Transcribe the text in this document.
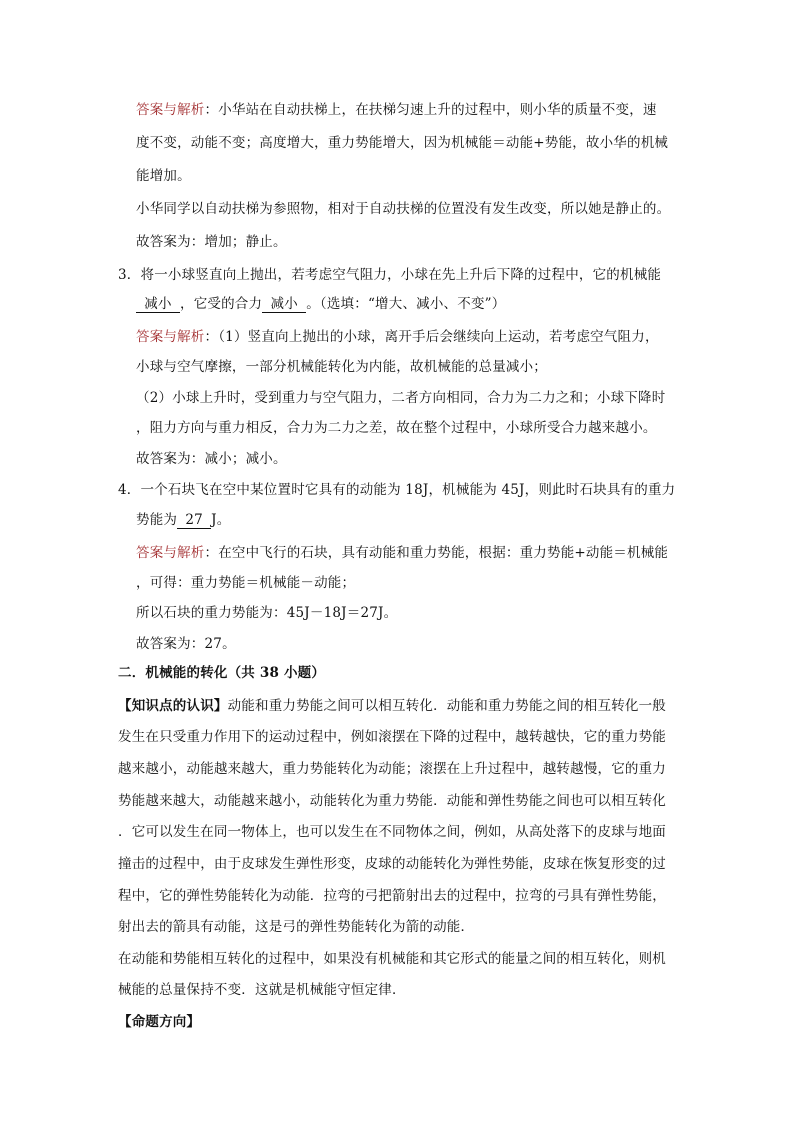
答案与解析：小华站在自动扶梯上，在扶梯匀速上升的过程中，则小华的质量不变，速
度不变，动能不变；高度增大，重力势能增大，因为机械能＝动能+势能，故小华的机械
能增加。
小华同学以自动扶梯为参照物，相对于自动扶梯的位置没有发生改变，所以她是静止的。
故答案为：增加；静止。
3．将一小球竖直向上抛出，若考虑空气阻力，小球在先上升后下降的过程中，它的机械能
减小 ，它受的合力 减小 。（选填：“增大、减小、不变”）
答案与解析：（1）竖直向上抛出的小球，离开手后会继续向上运动，若考虑空气阻力，
小球与空气摩擦，一部分机械能转化为内能，故机械能的总量减小；
（2）小球上升时，受到重力与空气阻力，二者方向相同，合力为二力之和；小球下降时
，阻力方向与重力相反，合力为二力之差，故在整个过程中，小球所受合力越来越小。
故答案为：减小；减小。
4．一个石块飞在空中某位置时它具有的动能为 18J，机械能为 45J，则此时石块具有的重力
势能为 27 J。
答案与解析：在空中飞行的石块，具有动能和重力势能，根据：重力势能+动能＝机械能
，可得：重力势能＝机械能－动能；
所以石块的重力势能为：45J－18J＝27J。
故答案为：27。
二．机械能的转化（共 38 小题）
【知识点的认识】动能和重力势能之间可以相互转化．动能和重力势能之间的相互转化一般
发生在只受重力作用下的运动过程中，例如滚摆在下降的过程中，越转越快，它的重力势能
越来越小，动能越来越大，重力势能转化为动能；滚摆在上升过程中，越转越慢，它的重力
势能越来越大，动能越来越小，动能转化为重力势能．动能和弹性势能之间也可以相互转化
．它可以发生在同一物体上，也可以发生在不同物体之间，例如，从高处落下的皮球与地面
撞击的过程中，由于皮球发生弹性形变，皮球的动能转化为弹性势能，皮球在恢复形变的过
程中，它的弹性势能转化为动能．拉弯的弓把箭射出去的过程中，拉弯的弓具有弹性势能，
射出去的箭具有动能，这是弓的弹性势能转化为箭的动能．
在动能和势能相互转化的过程中，如果没有机械能和其它形式的能量之间的相互转化，则机
械能的总量保持不变．这就是机械能守恒定律．
【命题方向】
